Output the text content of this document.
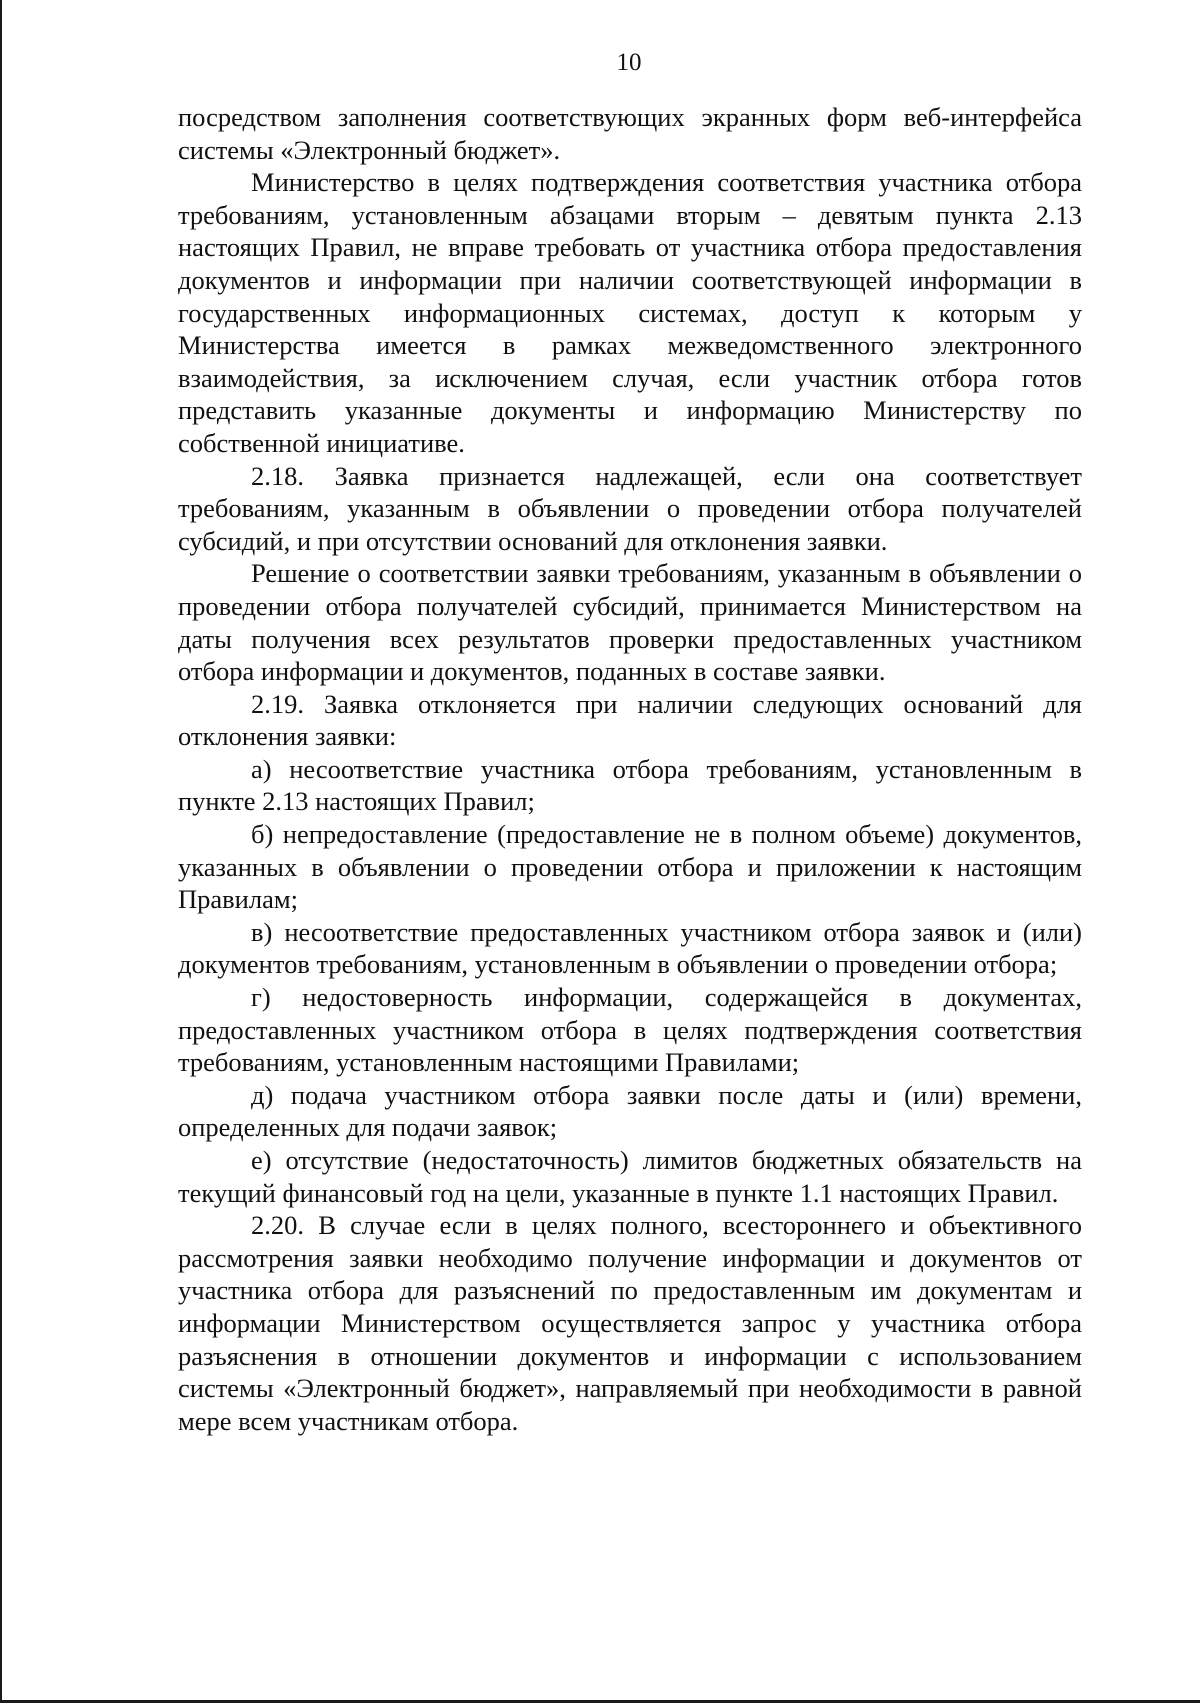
10

посредством заполнения соответствующих экранных форм веб-интерфейса системы «Электронный бюджет».

Министерство в целях подтверждения соответствия участника отбора требованиям, установленным абзацами вторым – девятым пункта 2.13 настоящих Правил, не вправе требовать от участника отбора предоставления документов и информации при наличии соответствующей информации в государственных информационных системах, доступ к которым у Министерства имеется в рамках межведомственного электронного взаимодействия, за исключением случая, если участник отбора готов представить указанные документы и информацию Министерству по собственной инициативе.

2.18. Заявка признается надлежащей, если она соответствует требованиям, указанным в объявлении о проведении отбора получателей субсидий, и при отсутствии оснований для отклонения заявки.

Решение о соответствии заявки требованиям, указанным в объявлении о проведении отбора получателей субсидий, принимается Министерством на даты получения всех результатов проверки предоставленных участником отбора информации и документов, поданных в составе заявки.

2.19. Заявка отклоняется при наличии следующих оснований для отклонения заявки:

а) несоответствие участника отбора требованиям, установленным в пункте 2.13 настоящих Правил;

б) непредоставление (предоставление не в полном объеме) документов, указанных в объявлении о проведении отбора и приложении к настоящим Правилам;

в) несоответствие предоставленных участником отбора заявок и (или) документов требованиям, установленным в объявлении о проведении отбора;

г) недостоверность информации, содержащейся в документах, предоставленных участником отбора в целях подтверждения соответствия требованиям, установленным настоящими Правилами;

д) подача участником отбора заявки после даты и (или) времени, определенных для подачи заявок;

е) отсутствие (недостаточность) лимитов бюджетных обязательств на текущий финансовый год на цели, указанные в пункте 1.1 настоящих Правил.

2.20. В случае если в целях полного, всестороннего и объективного рассмотрения заявки необходимо получение информации и документов от участника отбора для разъяснений по предоставленным им документам и информации Министерством осуществляется запрос у участника отбора разъяснения в отношении документов и информации с использованием системы «Электронный бюджет», направляемый при необходимости в равной мере всем участникам отбора.
